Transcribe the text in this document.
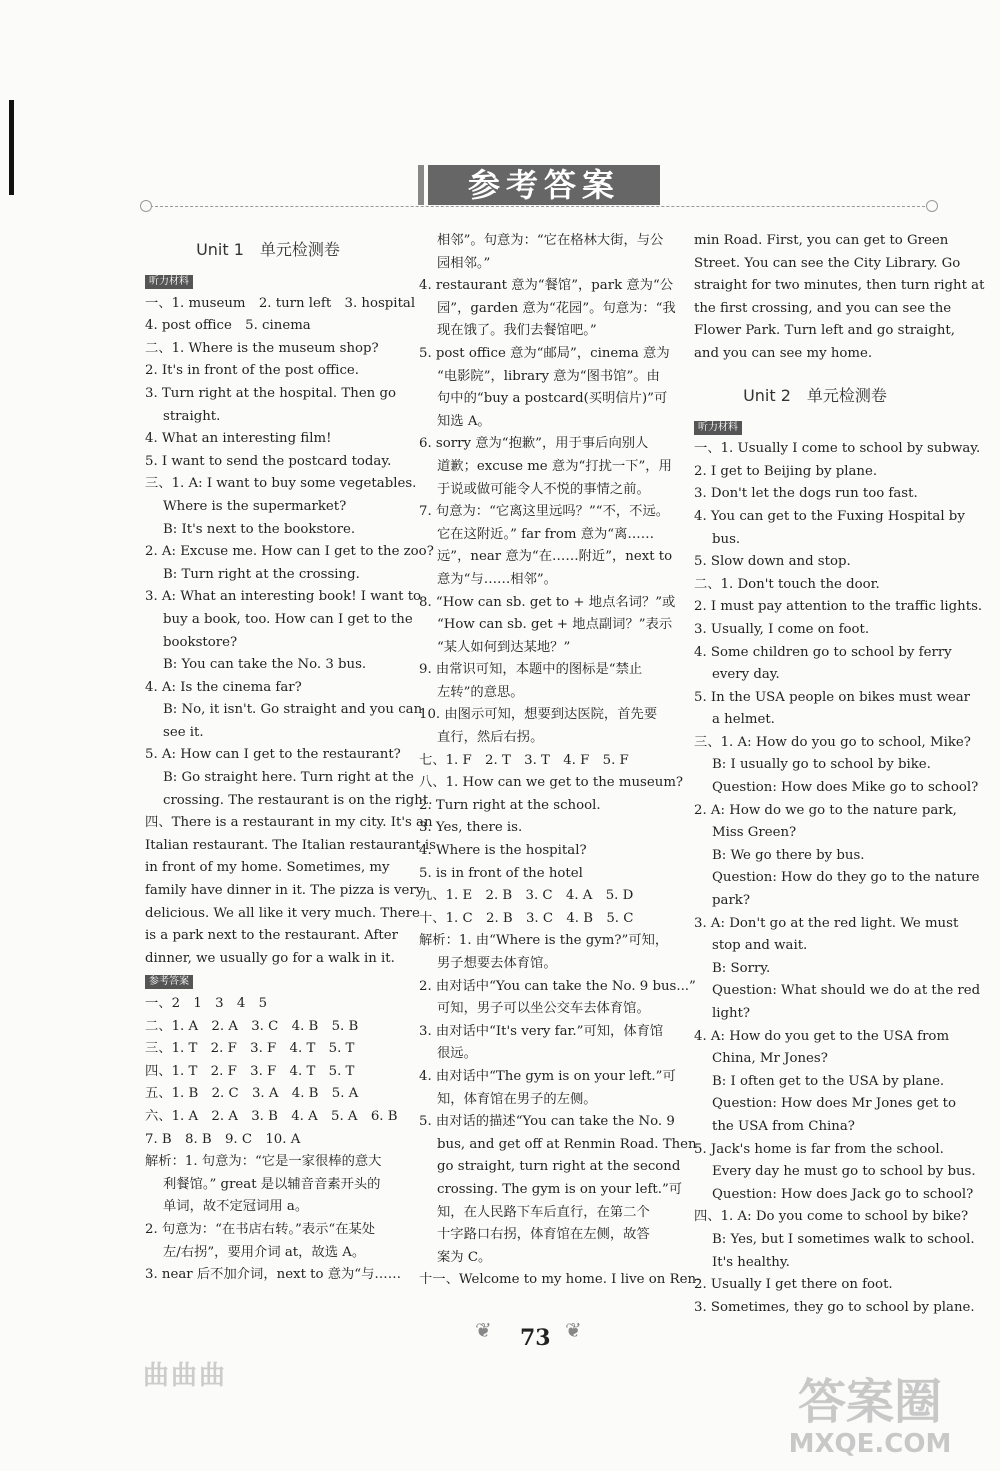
参考答案
Unit 1　单元检测卷
听力材料
一、1. museum　2. turn left　3. hospital
4. post office　5. cinema
二、1. Where is the museum shop?
2. It's in front of the post office.
3. Turn right at the hospital. Then go
straight.
4. What an interesting film!
5. I want to send the postcard today.
三、1. A: I want to buy some vegetables.
Where is the supermarket?
B: It's next to the bookstore.
2. A: Excuse me. How can I get to the zoo?
B: Turn right at the crossing.
3. A: What an interesting book! I want to
buy a book, too. How can I get to the
bookstore?
B: You can take the No. 3 bus.
4. A: Is the cinema far?
B: No, it isn't. Go straight and you can
see it.
5. A: How can I get to the restaurant?
B: Go straight here. Turn right at the
crossing. The restaurant is on the right.
四、There is a restaurant in my city. It's an
Italian restaurant. The Italian restaurant is
in front of my home. Sometimes, my
family have dinner in it. The pizza is very
delicious. We all like it very much. There
is a park next to the restaurant. After
dinner, we usually go for a walk in it.
参考答案
一、2　1　3　4　5
二、1. A　2. A　3. C　4. B　5. B
三、1. T　2. F　3. F　4. T　5. T
四、1. T　2. F　3. F　4. T　5. T
五、1. B　2. C　3. A　4. B　5. A
六、1. A　2. A　3. B　4. A　5. A　6. B
7. B　8. B　9. C　10. A
解析：1. 句意为：“它是一家很棒的意大
利餐馆。” great 是以辅音音素开头的
单词，故不定冠词用 a。
2. 句意为：“在书店右转。”表示“在某处
左/右拐”，要用介词 at，故选 A。
3. near 后不加介词，next to 意为“与……
相邻”。句意为：“它在格林大街，与公
园相邻。”
4. restaurant 意为“餐馆”，park 意为“公
园”，garden 意为“花园”。句意为：“我
现在饿了。我们去餐馆吧。”
5. post office 意为“邮局”，cinema 意为
“电影院”，library 意为“图书馆”。由
句中的“buy a postcard(买明信片)”可
知选 A。
6. sorry 意为“抱歉”，用于事后向别人
道歉；excuse me 意为“打扰一下”，用
于说或做可能令人不悦的事情之前。
7. 句意为：“它离这里远吗？”“不，不远。
它在这附近。” far from 意为“离……
远”，near 意为“在……附近”，next to
意为“与……相邻”。
8. “How can sb. get to + 地点名词？”或
“How can sb. get + 地点副词？”表示
“某人如何到达某地？”
9. 由常识可知，本题中的图标是“禁止
左转”的意思。
10. 由图示可知，想要到达医院，首先要
直行，然后右拐。
七、1. F　2. T　3. T　4. F　5. F
八、1. How can we get to the museum?
2. Turn right at the school.
3. Yes, there is.
4. Where is the hospital?
5. is in front of the hotel
九、1. E　2. B　3. C　4. A　5. D
十、1. C　2. B　3. C　4. B　5. C
解析：1. 由“Where is the gym?”可知，
男子想要去体育馆。
2. 由对话中“You can take the No. 9 bus...”
可知，男子可以坐公交车去体育馆。
3. 由对话中“It's very far.”可知，体育馆
很远。
4. 由对话中“The gym is on your left.”可
知，体育馆在男子的左侧。
5. 由对话的描述“You can take the No. 9
bus, and get off at Renmin Road. Then
go straight, turn right at the second
crossing. The gym is on your left.”可
知，在人民路下车后直行，在第二个
十字路口右拐，体育馆在左侧，故答
案为 C。
十一、Welcome to my home. I live on Ren-
min Road. First, you can get to Green
Street. You can see the City Library. Go
straight for two minutes, then turn right at
the first crossing, and you can see the
Flower Park. Turn left and go straight,
and you can see my home.
Unit 2　单元检测卷
听力材料
一、1. Usually I come to school by subway.
2. I get to Beijing by plane.
3. Don't let the dogs run too fast.
4. You can get to the Fuxing Hospital by
bus.
5. Slow down and stop.
二、1. Don't touch the door.
2. I must pay attention to the traffic lights.
3. Usually, I come on foot.
4. Some children go to school by ferry
every day.
5. In the USA people on bikes must wear
a helmet.
三、1. A: How do you go to school, Mike?
B: I usually go to school by bike.
Question: How does Mike go to school?
2. A: How do we go to the nature park,
Miss Green?
B: We go there by bus.
Question: How do they go to the nature
park?
3. A: Don't go at the red light. We must
stop and wait.
B: Sorry.
Question: What should we do at the red
light?
4. A: How do you get to the USA from
China, Mr Jones?
B: I often get to the USA by plane.
Question: How does Mr Jones get to
the USA from China?
5. Jack's home is far from the school.
Every day he must go to school by bus.
Question: How does Jack go to school?
四、1. A: Do you come to school by bike?
B: Yes, but I sometimes walk to school.
It's healthy.
2. Usually I get there on foot.
3. Sometimes, they go to school by plane.
❦ 73 ❦
曲曲曲	答案圈
MXQE.COM
